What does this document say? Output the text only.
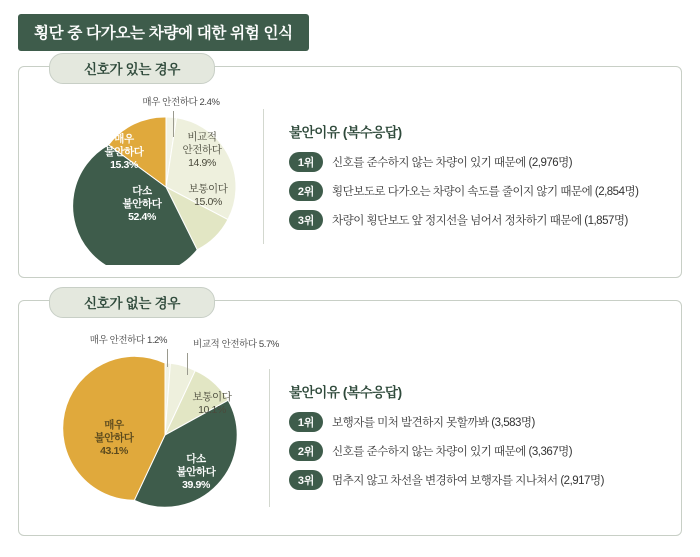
횡단 중 다가오는 차량에 대한 위험 인식
신호가 있는 경우
매우 안전하다 2.4%
비교적
안전하다
14.9%
보통이다
15.0%
다소
불안하다
52.4%
매우
불안하다
15.3%
불안이유 (복수응답)
1위	신호를 준수하지 않는 차량이 있기 때문에 (2,976명)
2위	횡단보도로 다가오는 차량이 속도를 줄이지 않기 때문에 (2,854명)
3위	차량이 횡단보도 앞 정지선을 넘어서 정차하기 때문에 (1,857명)
신호가 없는 경우
매우 안전하다 1.2%	비교적 안전하다 5.7%
보통이다
10.1%
다소
불안하다
39.9%
매우
불안하다
43.1%
불안이유 (복수응답)
1위	보행자를 미처 발견하지 못할까봐 (3,583명)
2위	신호를 준수하지 않는 차량이 있기 때문에 (3,367명)
3위	멈추지 않고 차선을 변경하여 보행자를 지나쳐서 (2,917명)
